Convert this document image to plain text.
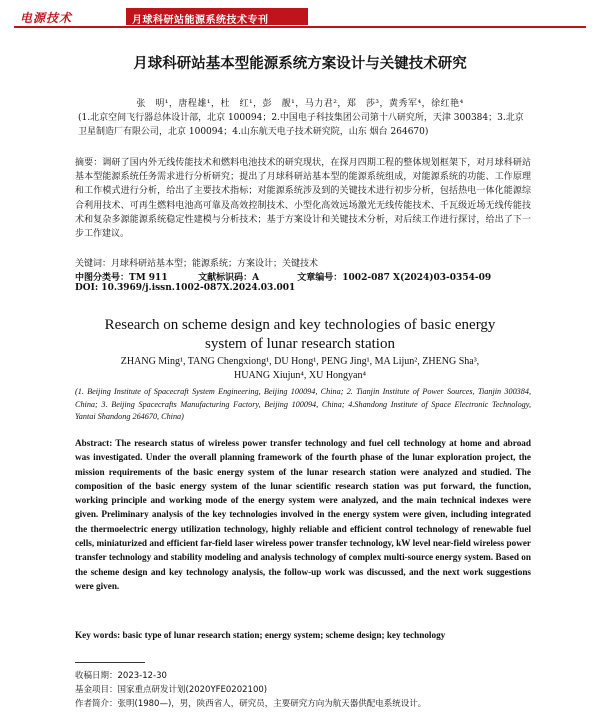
电源技术	月球科研站能源系统技术专刊
月球科研站基本型能源系统方案设计与关键技术研究
张　明¹，唐程雄¹，杜　红¹，彭　靓¹，马力君²，郑　莎³，黄秀军⁴，徐红艳⁴
(1.北京空间飞行器总体设计部，北京 100094；2.中国电子科技集团公司第十八研究所，天津 300384；3.北京卫星制造厂有限公司，北京 100094；4.山东航天电子技术研究院，山东 烟台 264670)
摘要：调研了国内外无线传能技术和燃料电池技术的研究现状，在探月四期工程的整体规划框架下，对月球科研站基本型能源系统任务需求进行分析研究；提出了月球科研站基本型的能源系统组成，对能源系统的功能、工作原理和工作模式进行分析，给出了主要技术指标；对能源系统涉及到的关键技术进行初步分析，包括热电一体化能源综合利用技术、可再生燃料电池高可靠及高效控制技术、小型化高效远场激光无线传能技术、千瓦级近场无线传能技术和复杂多源能源系统稳定性建模与分析技术；基于方案设计和关键技术分析，对后续工作进行探讨，给出了下一步工作建议。
关键词：月球科研站基本型；能源系统；方案设计；关键技术
中图分类号：TM 911	文献标识码：A	文章编号：1002-087 X(2024)03-0354-09
DOI: 10.3969/j.issn.1002-087X.2024.03.001
Research on scheme design and key technologies of basic energy
system of lunar research station
ZHANG Ming¹, TANG Chengxiong¹, DU Hong¹, PENG Jing¹, MA Lijun², ZHENG Sha³,
HUANG Xiujun⁴, XU Hongyan⁴
(1. Beijing Institute of Spacecraft System Engineering, Beijing 100094, China; 2. Tianjin Institute of Power Sources, Tianjin 300384, China; 3. Beijing Spacecrafts Manufacturing Factory, Beijing 100094, China; 4.Shandong Institute of Space Electronic Technology, Yantai Shandong 264670, China)
Abstract: The research status of wireless power transfer technology and fuel cell technology at home and abroad was investigated. Under the overall planning framework of the fourth phase of the lunar exploration project, the mission requirements of the basic energy system of the lunar research station were analyzed and studied. The composition of the basic energy system of the lunar scientific research station was put forward, the function, working principle and working mode of the energy system were analyzed, and the main technical indexes were given. Preliminary analysis of the key technologies involved in the energy system were given, including integrated the thermoelectric energy utilization technology, highly reliable and efficient control technology of renewable fuel cells, miniaturized and efficient far-field laser wireless power transfer technology, kW level near-field wireless power transfer technology and stability modeling and analysis technology of complex multi-source energy system. Based on the scheme design and key technology analysis, the follow-up work was discussed, and the next work suggestions were given.
Key words: basic type of lunar research station; energy system; scheme design; key technology
收稿日期：2023-12-30
基金项目：国家重点研发计划(2020YFE0202100)
作者简介：张明(1980—)，男，陕西省人，研究员，主要研究方向为航天器供配电系统设计。
